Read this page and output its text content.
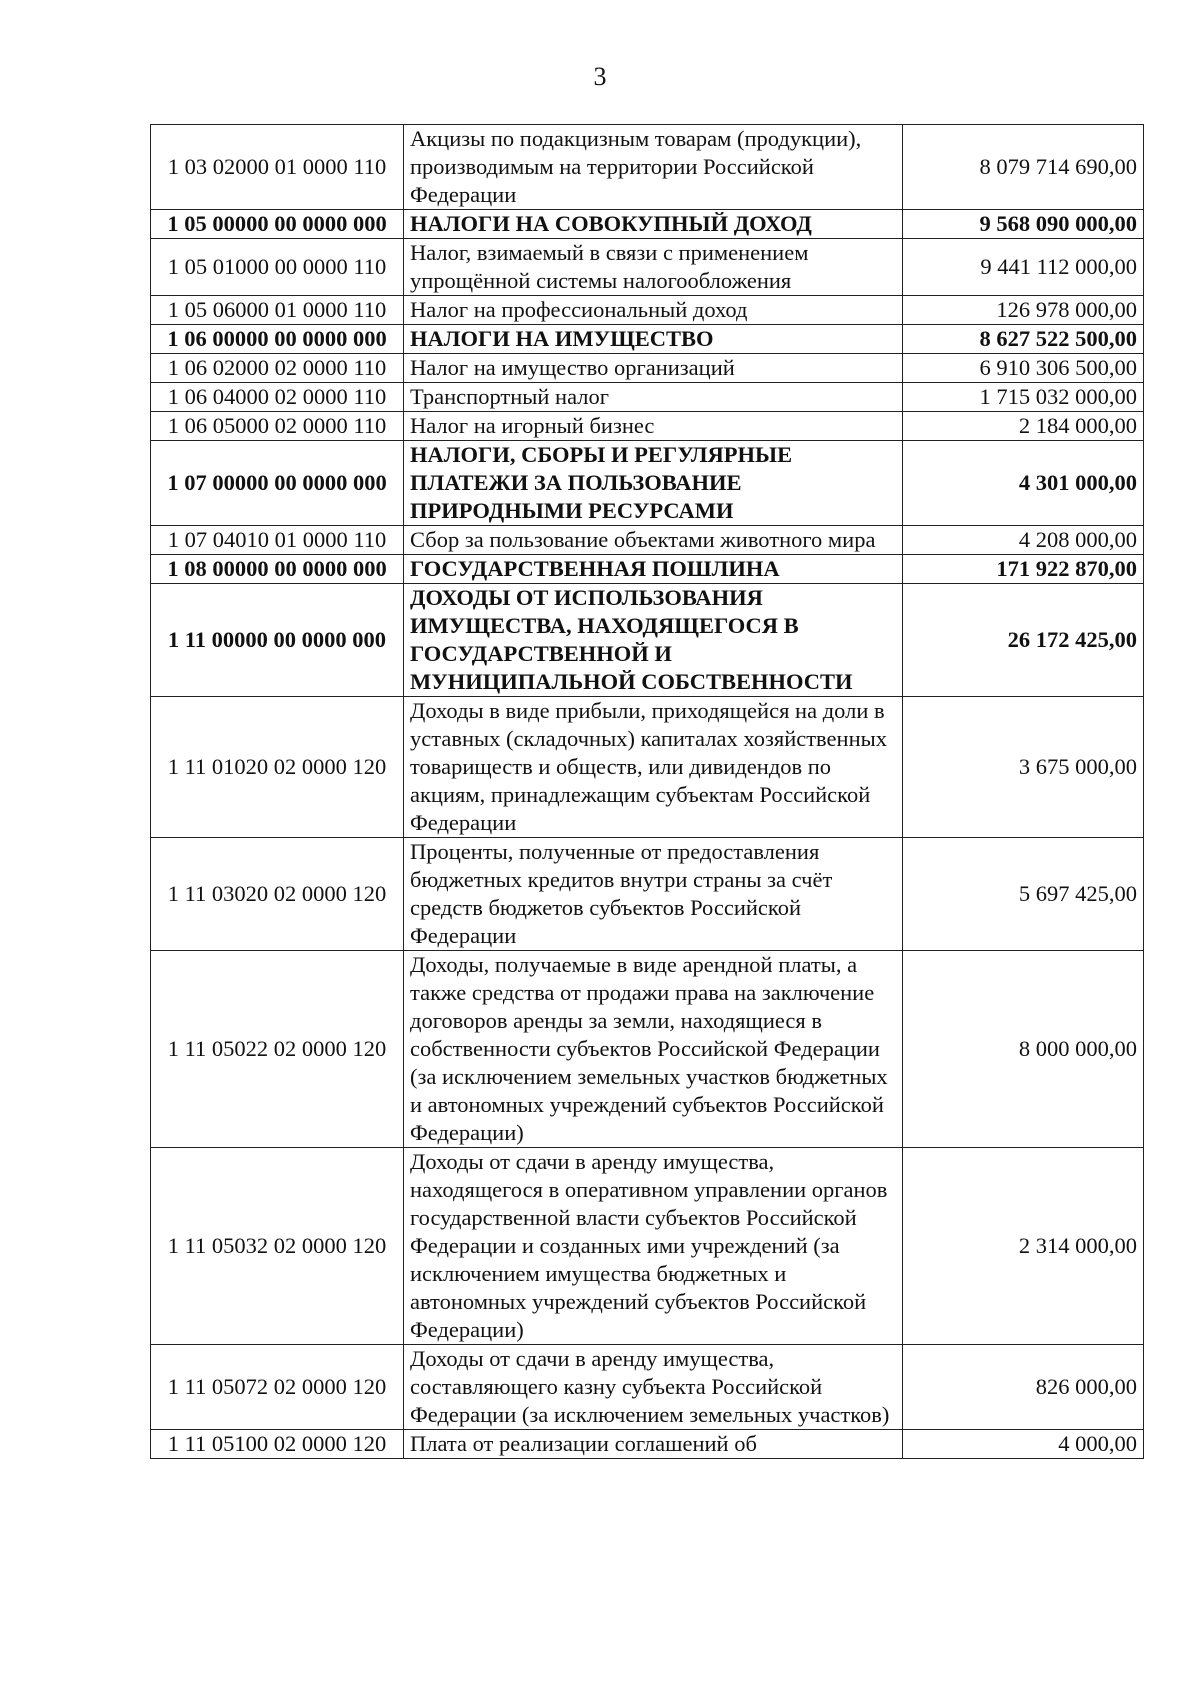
3
1 03 02000 01 0000 110	Акцизы по подакцизным товарам (продукции), производимым на территории Российской Федерации	8 079 714 690,00
1 05 00000 00 0000 000	НАЛОГИ НА СОВОКУПНЫЙ ДОХОД	9 568 090 000,00
1 05 01000 00 0000 110	Налог, взимаемый в связи с применением упрощённой системы налогообложения	9 441 112 000,00
1 05 06000 01 0000 110	Налог на профессиональный доход	126 978 000,00
1 06 00000 00 0000 000	НАЛОГИ НА ИМУЩЕСТВО	8 627 522 500,00
1 06 02000 02 0000 110	Налог на имущество организаций	6 910 306 500,00
1 06 04000 02 0000 110	Транспортный налог	1 715 032 000,00
1 06 05000 02 0000 110	Налог на игорный бизнес	2 184 000,00
1 07 00000 00 0000 000	НАЛОГИ, СБОРЫ И РЕГУЛЯРНЫЕ ПЛАТЕЖИ ЗА ПОЛЬЗОВАНИЕ ПРИРОДНЫМИ РЕСУРСАМИ	4 301 000,00
1 07 04010 01 0000 110	Сбор за пользование объектами животного мира	4 208 000,00
1 08 00000 00 0000 000	ГОСУДАРСТВЕННАЯ ПОШЛИНА	171 922 870,00
1 11 00000 00 0000 000	ДОХОДЫ ОТ ИСПОЛЬЗОВАНИЯ ИМУЩЕСТВА, НАХОДЯЩЕГОСЯ В ГОСУДАРСТВЕННОЙ И МУНИЦИПАЛЬНОЙ СОБСТВЕННОСТИ	26 172 425,00
1 11 01020 02 0000 120	Доходы в виде прибыли, приходящейся на доли в уставных (складочных) капиталах хозяйственных товариществ и обществ, или дивидендов по акциям, принадлежащим субъектам Российской Федерации	3 675 000,00
1 11 03020 02 0000 120	Проценты, полученные от предоставления бюджетных кредитов внутри страны за счёт средств бюджетов субъектов Российской Федерации	5 697 425,00
1 11 05022 02 0000 120	Доходы, получаемые в виде арендной платы, а также средства от продажи права на заключение договоров аренды за земли, находящиеся в собственности субъектов Российской Федерации (за исключением земельных участков бюджетных и автономных учреждений субъектов Российской Федерации)	8 000 000,00
1 11 05032 02 0000 120	Доходы от сдачи в аренду имущества, находящегося в оперативном управлении органов государственной власти субъектов Российской Федерации и созданных ими учреждений (за исключением имущества бюджетных и автономных учреждений субъектов Российской Федерации)	2 314 000,00
1 11 05072 02 0000 120	Доходы от сдачи в аренду имущества, составляющего казну субъекта Российской Федерации (за исключением земельных участков)	826 000,00
1 11 05100 02 0000 120	Плата от реализации соглашений об	4 000,00
